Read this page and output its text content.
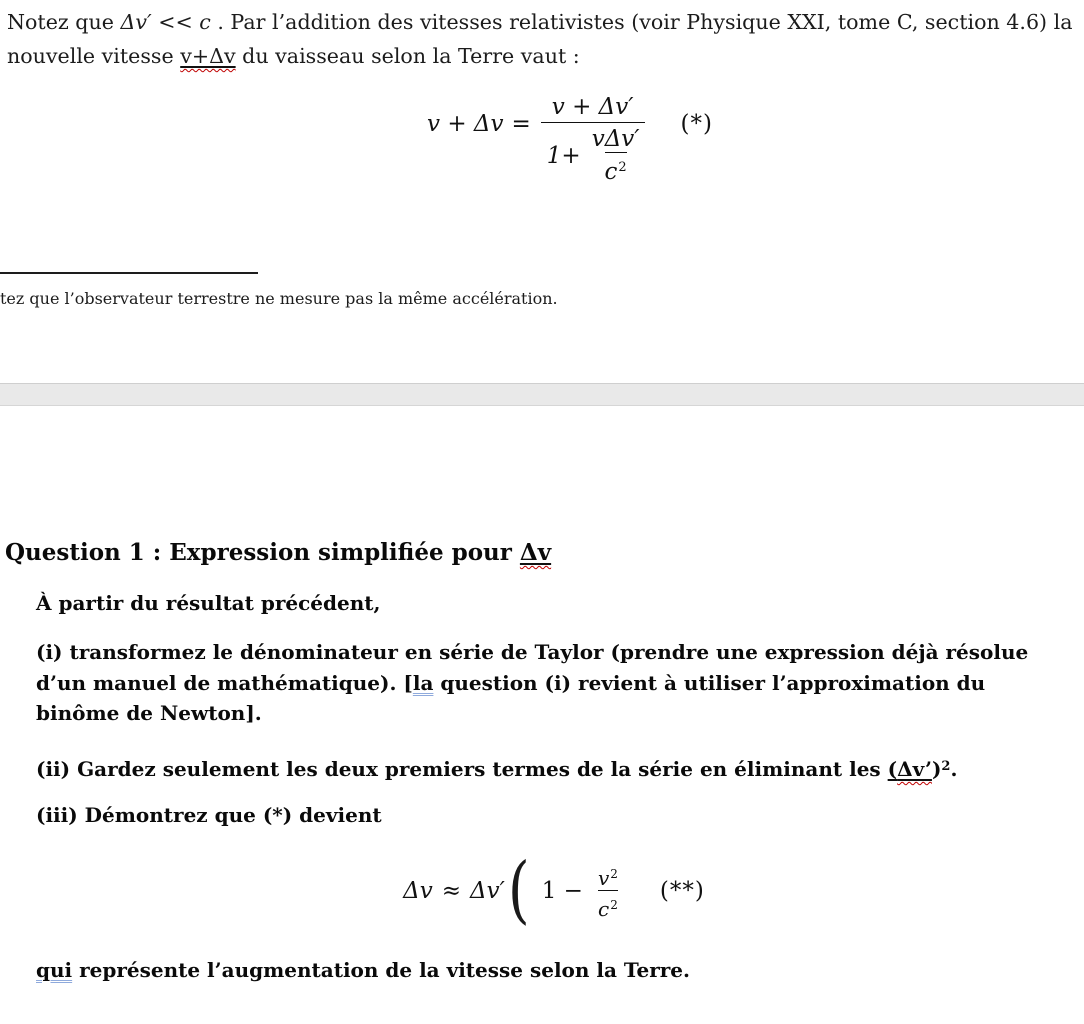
Notez que Δv′ << c . Par l’addition des vitesses relativistes (voir Physique XXI, tome C, section 4.6) la
nouvelle vitesse v+Δv du vaisseau selon la Terre vaut :
$v + \Delta v = \frac{v + \Delta v'}{1+ \frac{\text{vΔv′}}{c^2}}$ (*)
tez que l’observateur terrestre ne mesure pas la même accélération.
Question 1 : Expression simplifiée pour Δv
À partir du résultat précédent,
(i) transformez le dénominateur en série de Taylor (prendre une expression déjà résolue
d’un manuel de mathématique). [la question (i) revient à utiliser l’approximation du
binôme de Newton].
(ii) Gardez seulement les deux premiers termes de la série en éliminant les (Δv’)$^2$.
(iii) Démontrez que (*) devient
Δv ≈ Δv′ ( $1 - \frac{v^2}{c^2}$ (**)
qui représente l’augmentation de la vitesse selon la Terre.
